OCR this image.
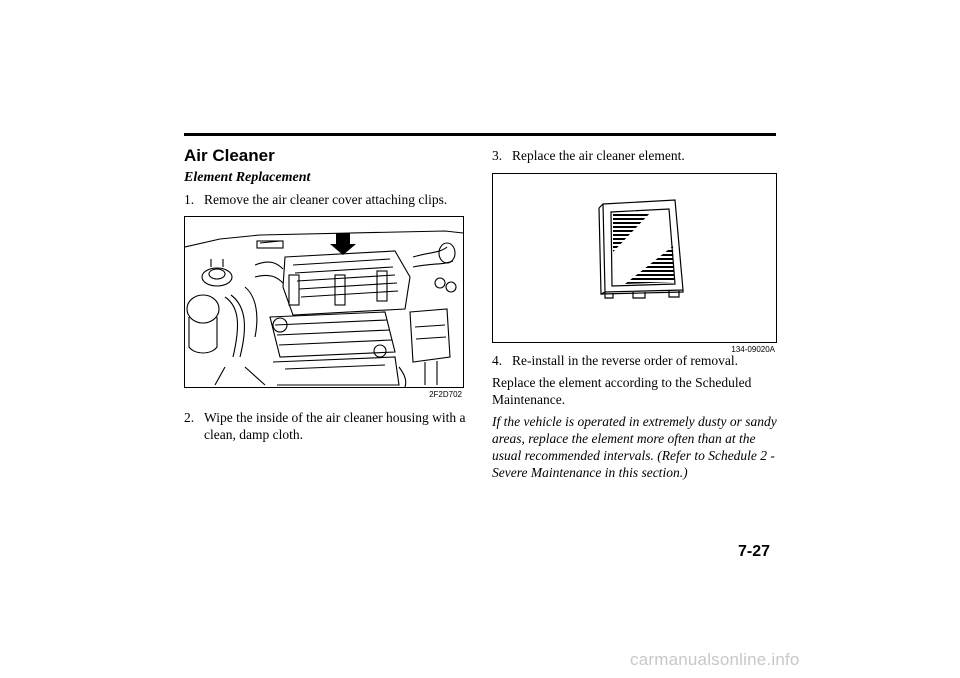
Air Cleaner
Element Replacement
1. Remove the air cleaner cover attaching clips.
2F2D702
2. Wipe the inside of the air cleaner housing with a clean, damp cloth.
3. Replace the air cleaner element.
134-09020A
4. Re-install in the reverse order of removal.

Replace the element according to the Scheduled Maintenance.

If the vehicle is operated in extremely dusty or sandy areas, replace the element more often than at the usual recommended intervals. (Refer to Schedule 2 - Severe Maintenance in this section.)

7-27
carmanualsonline.info
